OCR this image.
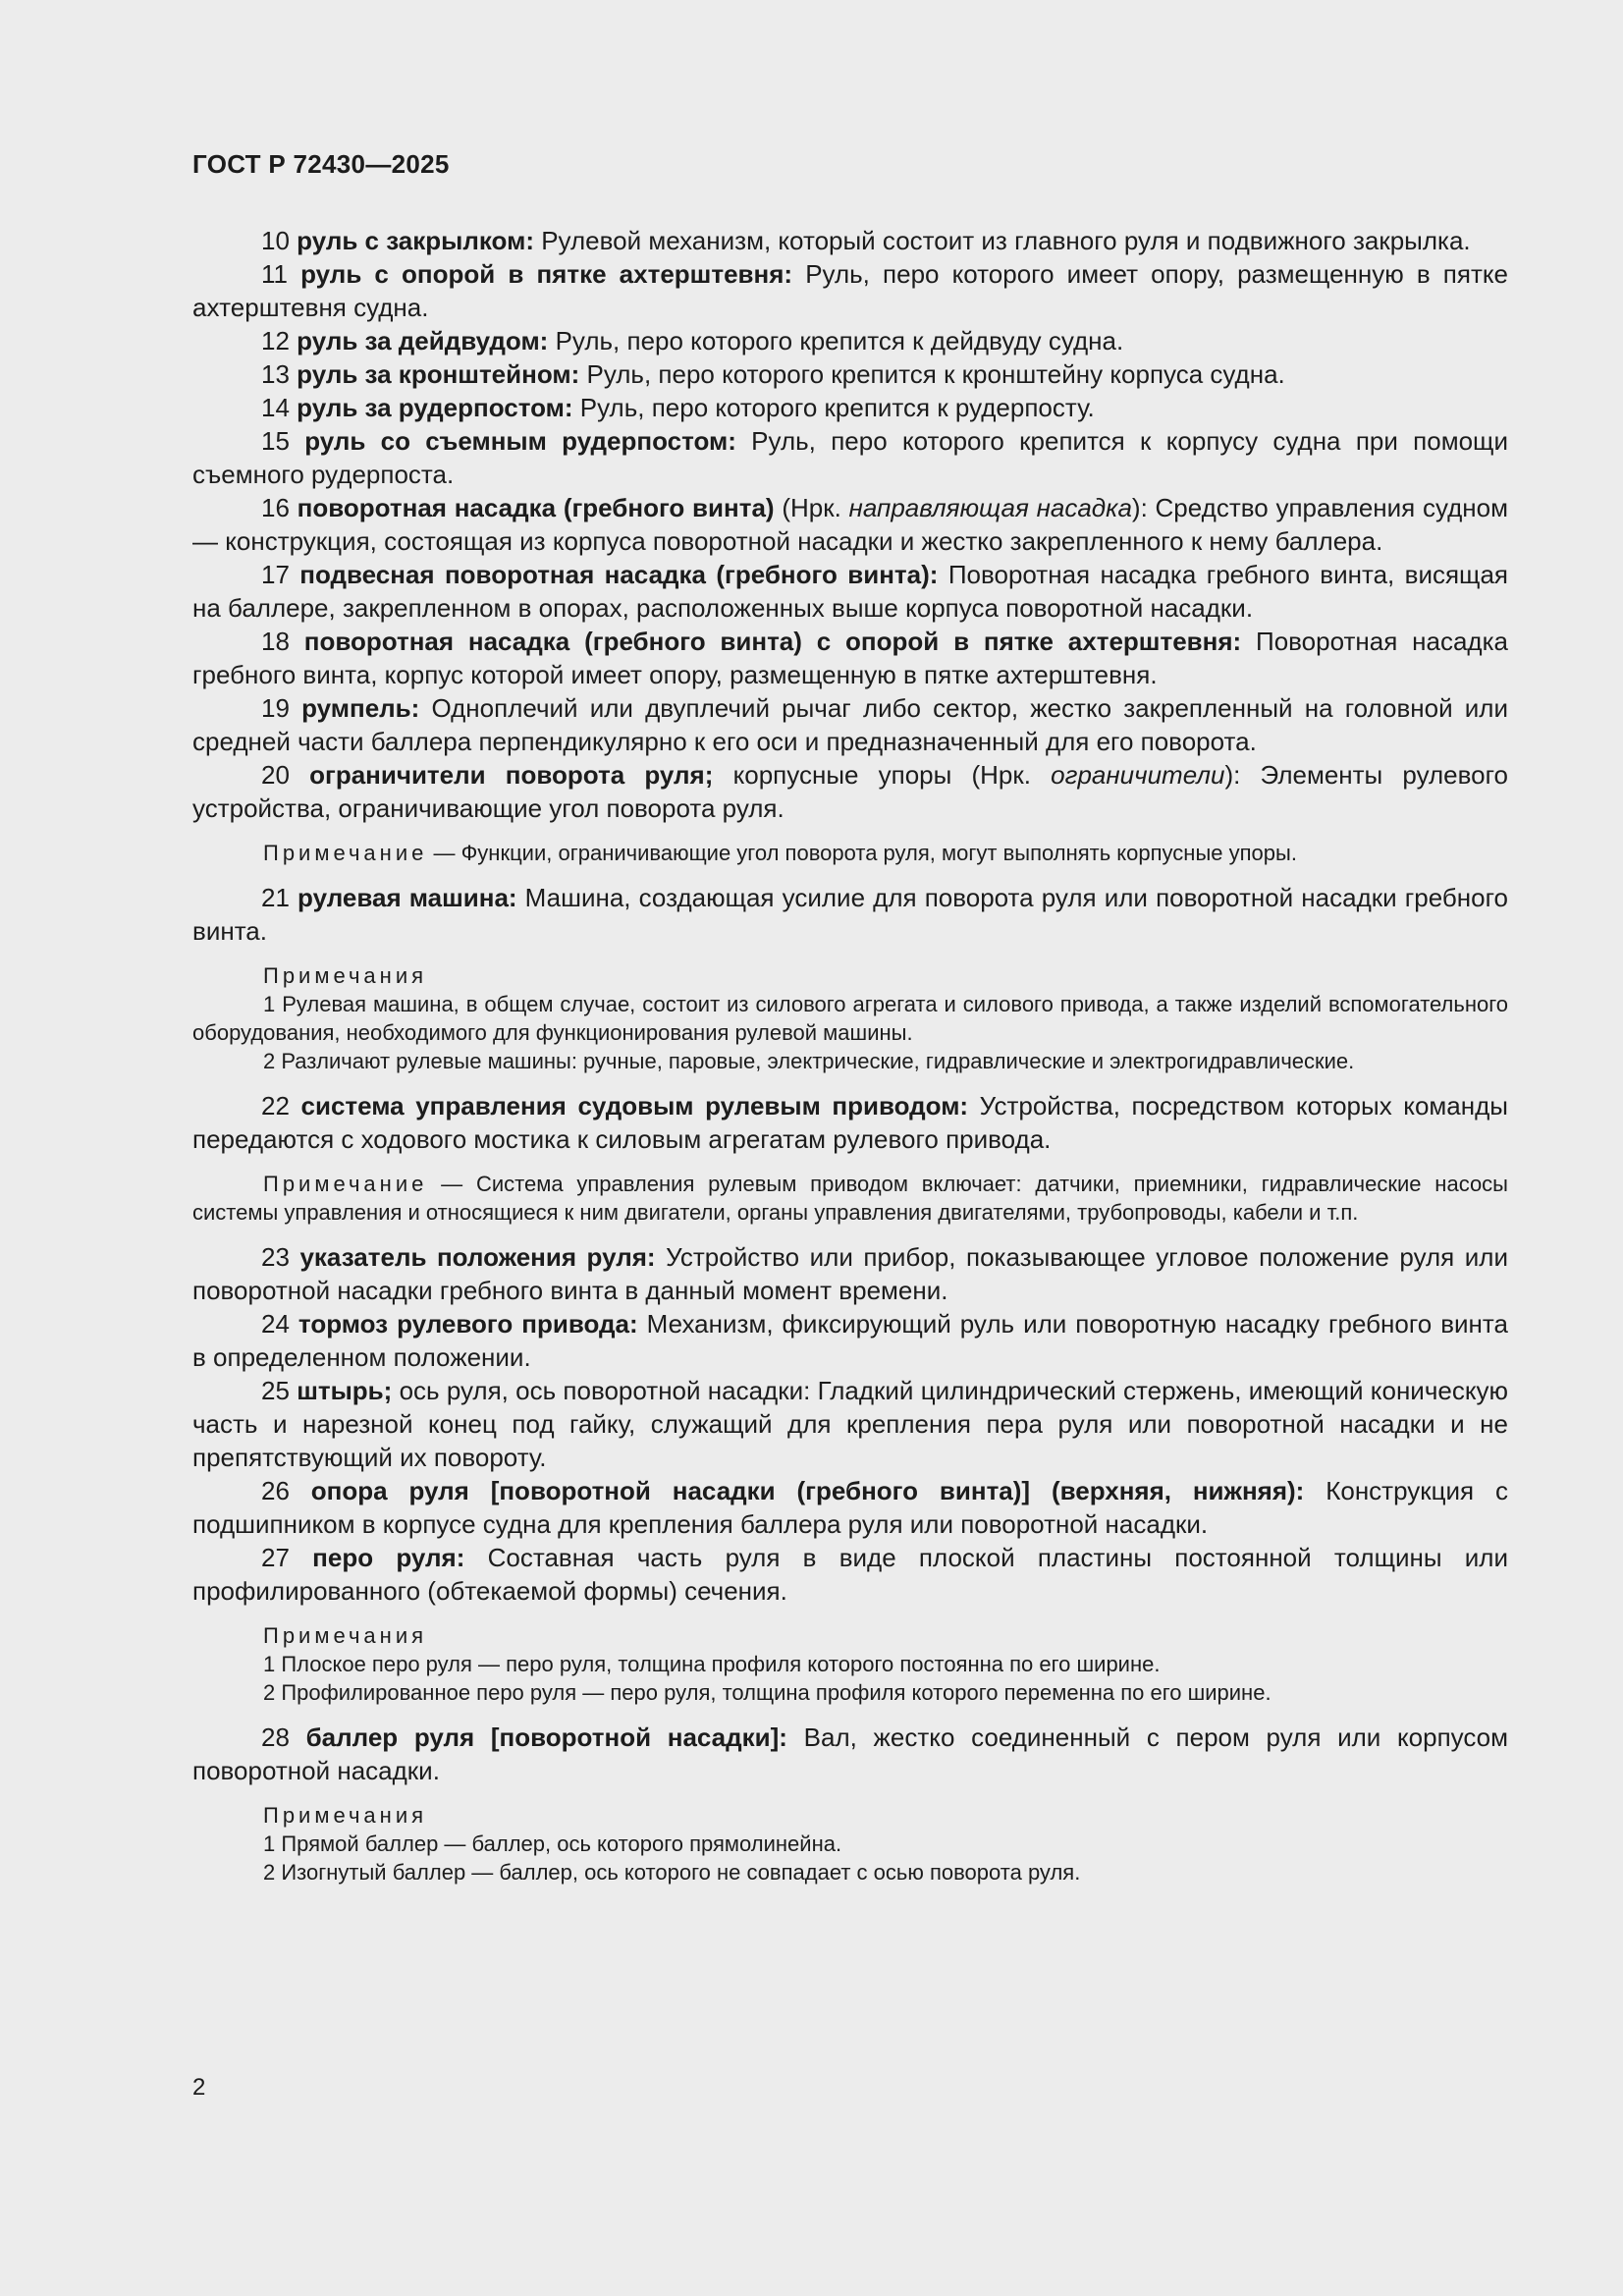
ГОСТ Р 72430—2025

10 руль с закрылком: Рулевой механизм, который состоит из главного руля и подвижного закрылка.

11 руль с опорой в пятке ахтерштевня: Руль, перо которого имеет опору, размещенную в пятке ахтерштевня судна.

12 руль за дейдвудом: Руль, перо которого крепится к дейдвуду судна.

13 руль за кронштейном: Руль, перо которого крепится к кронштейну корпуса судна.

14 руль за рудерпостом: Руль, перо которого крепится к рудерпосту.

15 руль со съемным рудерпостом: Руль, перо которого крепится к корпусу судна при помощи съемного рудерпоста.

16 поворотная насадка (гребного винта) (Нрк. направляющая насадка): Средство управления судном — конструкция, состоящая из корпуса поворотной насадки и жестко закрепленного к нему баллера.

17 подвесная поворотная насадка (гребного винта): Поворотная насадка гребного винта, висящая на баллере, закрепленном в опорах, расположенных выше корпуса поворотной насадки.

18 поворотная насадка (гребного винта) с опорой в пятке ахтерштевня: Поворотная насадка гребного винта, корпус которой имеет опору, размещенную в пятке ахтерштевня.

19 румпель: Одноплечий или двуплечий рычаг либо сектор, жестко закрепленный на головной или средней части баллера перпендикулярно к его оси и предназначенный для его поворота.

20 ограничители поворота руля; корпусные упоры (Нрк. ограничители): Элементы рулевого устройства, ограничивающие угол поворота руля.

Примечание — Функции, ограничивающие угол поворота руля, могут выполнять корпусные упоры.

21 рулевая машина: Машина, создающая усилие для поворота руля или поворотной насадки гребного винта.

Примечания

1 Рулевая машина, в общем случае, состоит из силового агрегата и силового привода, а также изделий вспомогательного оборудования, необходимого для функционирования рулевой машины.

2 Различают рулевые машины: ручные, паровые, электрические, гидравлические и электрогидравлические.

22 система управления судовым рулевым приводом: Устройства, посредством которых команды передаются с ходового мостика к силовым агрегатам рулевого привода.

Примечание — Система управления рулевым приводом включает: датчики, приемники, гидравлические насосы системы управления и относящиеся к ним двигатели, органы управления двигателями, трубопроводы, кабели и т.п.

23 указатель положения руля: Устройство или прибор, показывающее угловое положение руля или поворотной насадки гребного винта в данный момент времени.

24 тормоз рулевого привода: Механизм, фиксирующий руль или поворотную насадку гребного винта в определенном положении.

25 штырь; ось руля, ось поворотной насадки: Гладкий цилиндрический стержень, имеющий коническую часть и нарезной конец под гайку, служащий для крепления пера руля или поворотной насадки и не препятствующий их повороту.

26 опора руля [поворотной насадки (гребного винта)] (верхняя, нижняя): Конструкция с подшипником в корпусе судна для крепления баллера руля или поворотной насадки.

27 перо руля: Составная часть руля в виде плоской пластины постоянной толщины или профилированного (обтекаемой формы) сечения.

Примечания

1 Плоское перо руля — перо руля, толщина профиля которого постоянна по его ширине.

2 Профилированное перо руля — перо руля, толщина профиля которого переменна по его ширине.

28 баллер руля [поворотной насадки]: Вал, жестко соединенный с пером руля или корпусом поворотной насадки.

Примечания

1 Прямой баллер — баллер, ось которого прямолинейна.

2 Изогнутый баллер — баллер, ось которого не совпадает с осью поворота руля.

2
